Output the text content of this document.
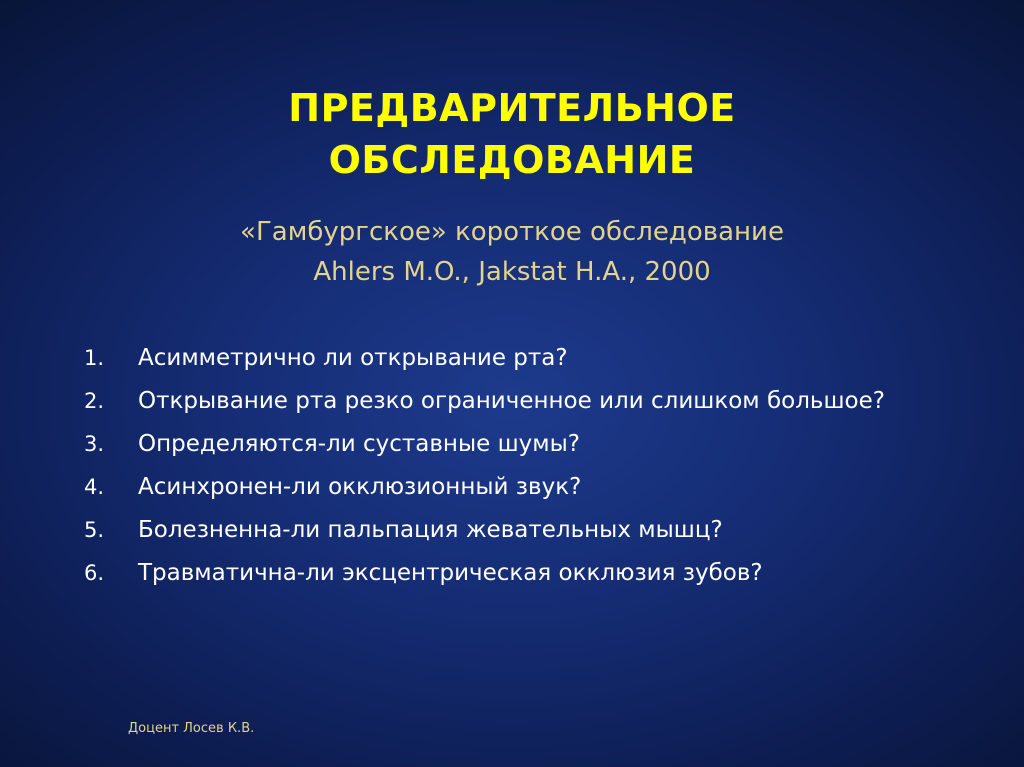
ПРЕДВАРИТЕЛЬНОЕ
ОБСЛЕДОВАНИЕ
«Гамбургское» короткое обследование
Ahlers M.O., Jakstat H.A., 2000
1.	Асимметрично ли открывание рта?
2.	Открывание рта резко ограниченное или слишком большое?
3.	Определяются-ли суставные шумы?
4.	Асинхронен-ли окклюзионный звук?
5.	Болезненна-ли пальпация жевательных мышц?
6.	Травматична-ли эксцентрическая окклюзия зубов?
Доцент Лосев К.В.
